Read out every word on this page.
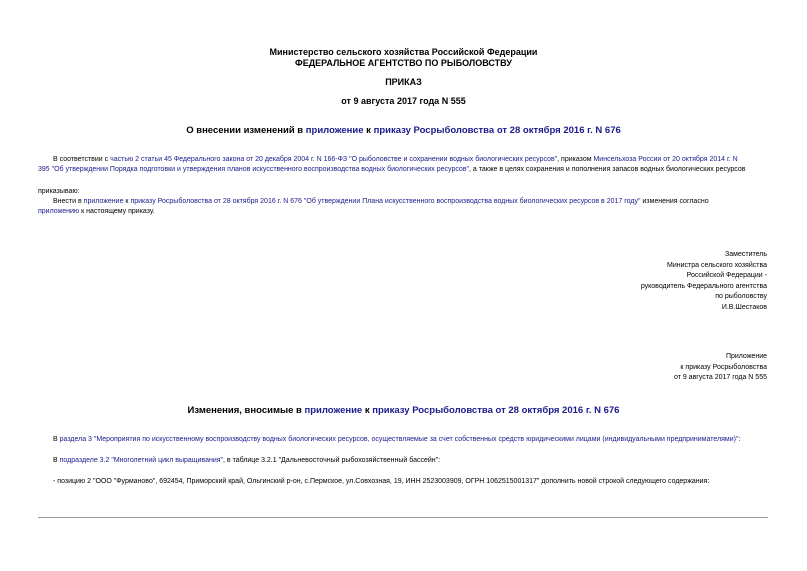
Министерство сельского хозяйства Российской Федерации
ФЕДЕРАЛЬНОЕ АГЕНТСТВО ПО РЫБОЛОВСТВУ
ПРИКАЗ
от 9 августа 2017 года N 555
О внесении изменений в приложение к приказу Росрыболовства от 28 октября 2016 г. N 676
В соответствии с частью 2 статьи 45 Федерального закона от 20 декабря 2004 г. N 166-ФЗ "О рыболовстве и сохранении водных биологических ресурсов", приказом Минсельхоза России от 20 октября 2014 г. N
395 "Об утверждении Порядка подготовки и утверждения планов искусственного воспроизводства водных биологических ресурсов", а также в целях сохранения и пополнения запасов водных биологических ресурсов
приказываю:
Внести в приложение к приказу Росрыболовства от 28 октября 2016 г. N 676 "Об утверждении Плана искусственного воспроизводства водных биологических ресурсов в 2017 году" изменения согласно
приложению к настоящему приказу.
Заместитель
Министра сельского хозяйства
Российской Федерации -
руководитель Федерального агентства
по рыболовству
И.В.Шестаков
Приложение
к приказу Росрыболовства
от 9 августа 2017 года N 555
Изменения, вносимые в приложение к приказу Росрыболовства от 28 октября 2016 г. N 676
В раздела 3 "Мероприятия по искусственному воспроизводству водных биологических ресурсов, осуществляемые за счет собственных средств юридическими лицами (индивидуальными предпринимателями)":
В подразделе 3.2 "Многолетний цикл выращивания", в таблице 3.2.1 "Дальневосточный рыбохозяйственный бассейн":
- позицию 2 "ООО "Фурманово", 692454, Приморский край, Ольгинский р-он, с.Пермское, ул.Совхозная, 19, ИНН 2523003909, ОГРН 1062515001317" дополнить новой строкой следующего содержания:
